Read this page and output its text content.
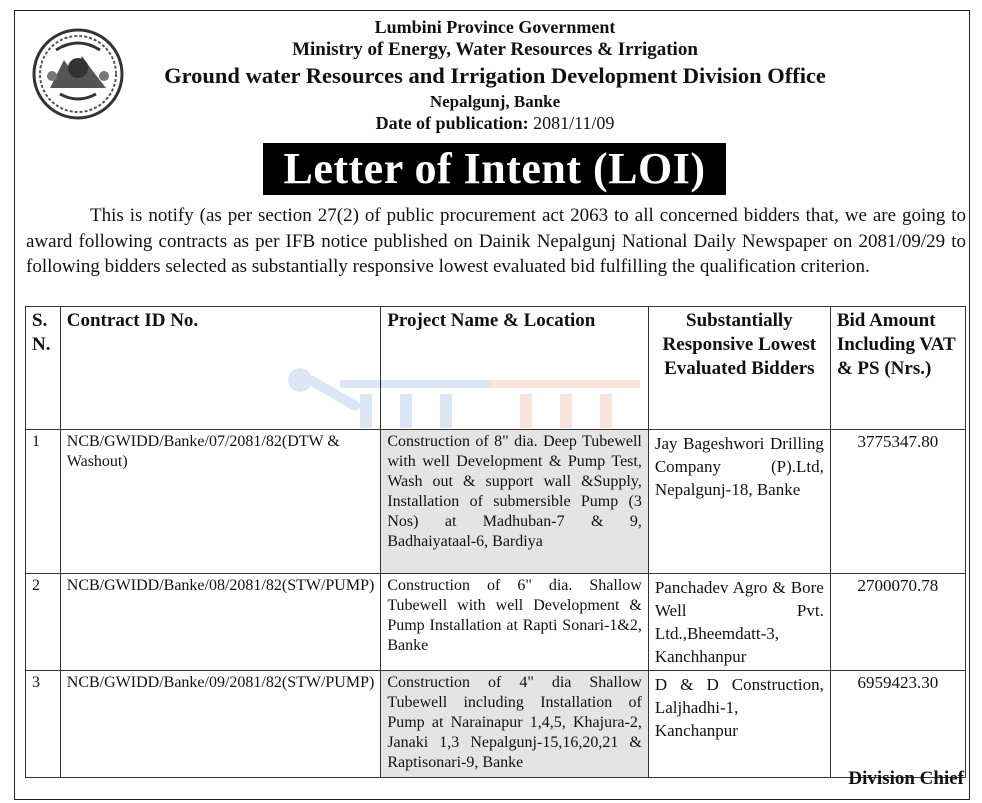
Lumbini Province Government
Ministry of Energy, Water Resources & Irrigation
Ground water Resources and Irrigation Development Division Office
Nepalgunj, Banke
Date of publication: 2081/11/09
Letter of Intent (LOI)
This is notify (as per section 27(2) of public procurement act 2063 to all concerned bidders that, we are going to award following contracts as per IFB notice published on Dainik Nepalgunj National Daily Newspaper on 2081/09/29 to following bidders selected as substantially responsive lowest evaluated bid fulfilling the qualification criterion.
S. N.	Contract ID No.	Project Name & Location	Substantially Responsive Lowest Evaluated Bidders	Bid Amount Including VAT & PS (Nrs.)
1	NCB/GWIDD/Banke/07/2081/82(DTW & Washout)	Construction of 8" dia. Deep Tubewell with well Development & Pump Test, Wash out & support wall &Supply, Installation of submersible Pump (3 Nos) at Madhuban-7 & 9, Badhaiyataal-6, Bardiya	Jay Bageshwori Drilling Company (P).Ltd, Nepalgunj-18, Banke	3775347.80
2	NCB/GWIDD/Banke/08/2081/82(STW/PUMP)	Construction of 6" dia. Shallow Tubewell with well Development & Pump Installation at Rapti Sonari-1&2, Banke	Panchadev Agro & Bore Well Pvt. Ltd.,Bheemdatt-3, Kanchhanpur	2700070.78
3	NCB/GWIDD/Banke/09/2081/82(STW/PUMP)	Construction of 4" dia Shallow Tubewell including Installation of Pump at Narainapur 1,4,5, Khajura-2, Janaki 1,3 Nepalgunj-15,16,20,21 & Raptisonari-9, Banke	D & D Construction, Laljhadhi-1, Kanchanpur	6959423.30
Division Chief
